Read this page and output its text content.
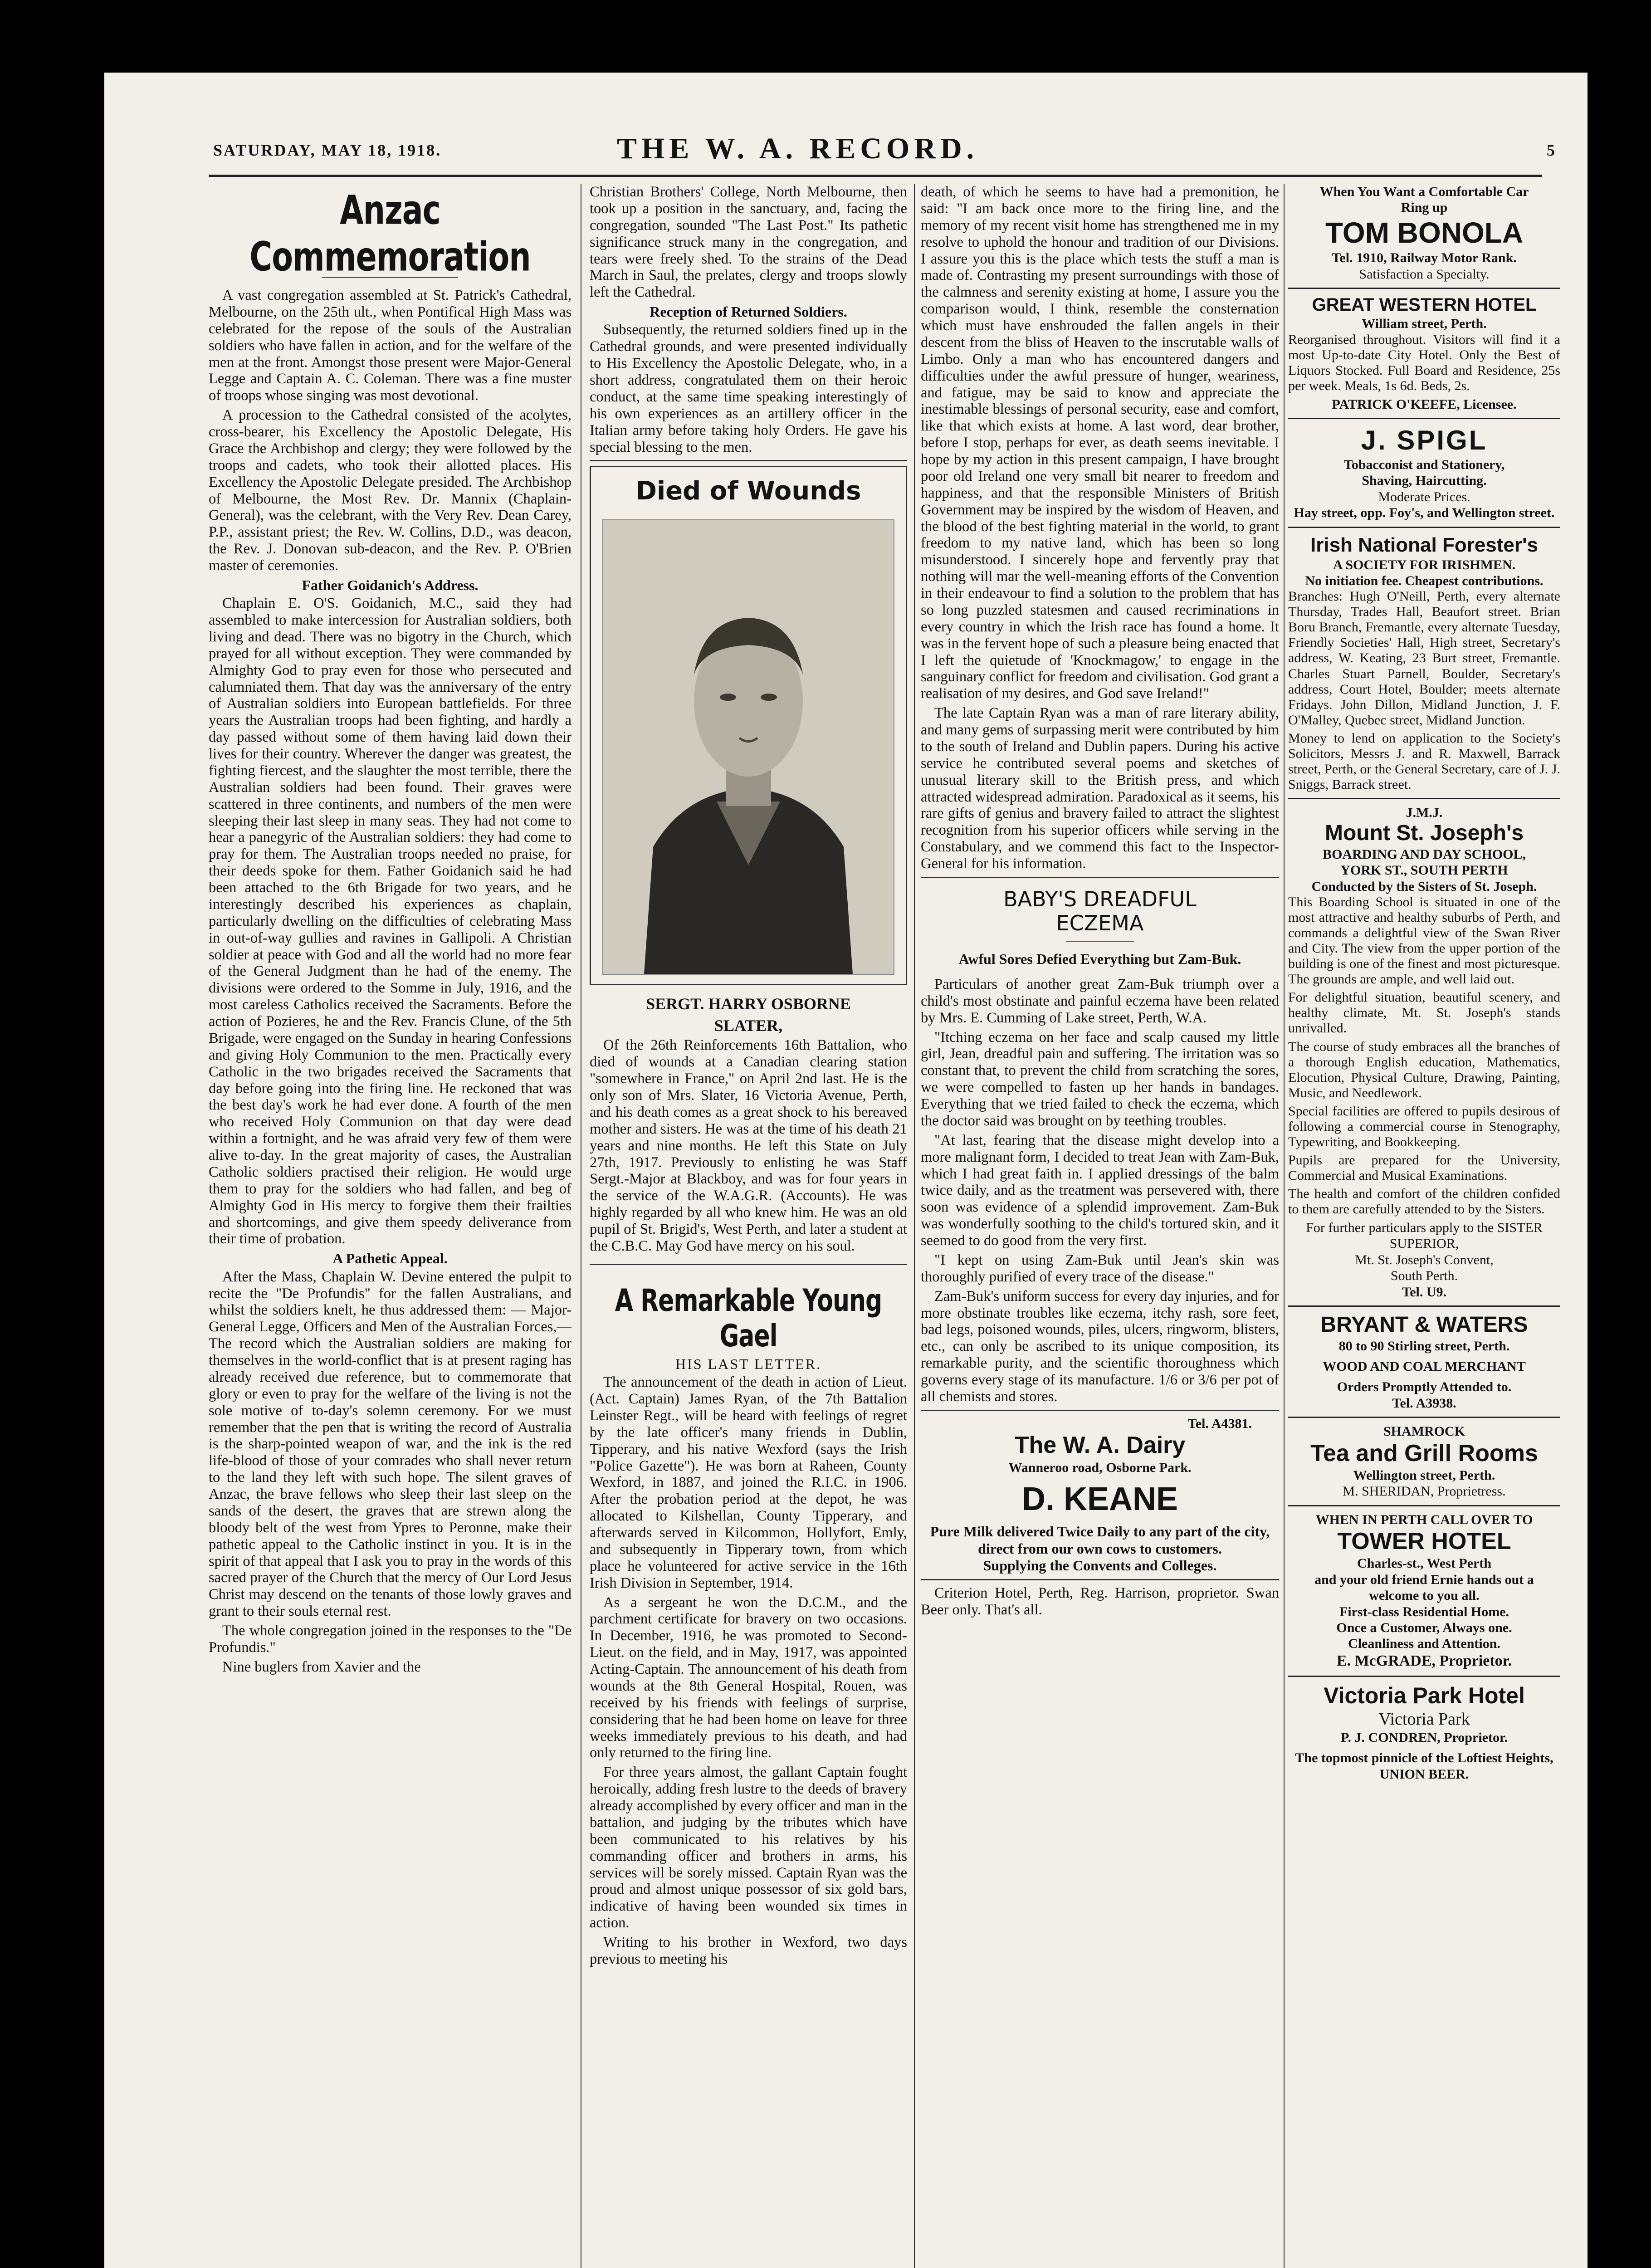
SATURDAY, MAY 18, 1918.	THE W. A. RECORD.	5
Anzac Commemoration

A vast congregation assembled at St. Patrick's Cathedral, Melbourne, on the 25th ult., when Pontifical High Mass was celebrated for the repose of the souls of the Australian soldiers who have fallen in action, and for the welfare of the men at the front. Amongst those present were Major-General Legge and Captain A. C. Coleman. There was a fine muster of troops whose singing was most devotional.

A procession to the Cathedral consisted of the acolytes, cross-bearer, his Excellency the Apostolic Delegate, His Grace the Archbishop and clergy; they were followed by the troops and cadets, who took their allotted places. His Excellency the Apostolic Delegate presided. The Archbishop of Melbourne, the Most Rev. Dr. Mannix (Chaplain-General), was the celebrant, with the Very Rev. Dean Carey, P.P., assistant priest; the Rev. W. Collins, D.D., was deacon, the Rev. J. Donovan sub-deacon, and the Rev. P. O'Brien master of ceremonies.

Father Goidanich's Address.

Chaplain E. O'S. Goidanich, M.C., said they had assembled to make intercession for Australian soldiers, both living and dead. There was no bigotry in the Church, which prayed for all without exception. They were commanded by Almighty God to pray even for those who persecuted and calumniated them. That day was the anniversary of the entry of Australian soldiers into European battlefields. For three years the Australian troops had been fighting, and hardly a day passed without some of them having laid down their lives for their country. Wherever the danger was greatest, the fighting fiercest, and the slaughter the most terrible, there the Australian soldiers had been found. Their graves were scattered in three continents, and numbers of the men were sleeping their last sleep in many seas. They had not come to hear a panegyric of the Australian soldiers: they had come to pray for them. The Australian troops needed no praise, for their deeds spoke for them. Father Goidanich said he had been attached to the 6th Brigade for two years, and he interestingly described his experiences as chaplain, particularly dwelling on the difficulties of celebrating Mass in out-of-way gullies and ravines in Gallipoli. A Christian soldier at peace with God and all the world had no more fear of the General Judgment than he had of the enemy. The divisions were ordered to the Somme in July, 1916, and the most careless Catholics received the Sacraments. Before the action of Pozieres, he and the Rev. Francis Clune, of the 5th Brigade, were engaged on the Sunday in hearing Confessions and giving Holy Communion to the men. Practically every Catholic in the two brigades received the Sacraments that day before going into the firing line. He reckoned that was the best day's work he had ever done. A fourth of the men who received Holy Communion on that day were dead within a fortnight, and he was afraid very few of them were alive to-day. In the great majority of cases, the Australian Catholic soldiers practised their religion. He would urge them to pray for the soldiers who had fallen, and beg of Almighty God in His mercy to forgive them their frailties and shortcomings, and give them speedy deliverance from their time of probation.

A Pathetic Appeal.

After the Mass, Chaplain W. Devine entered the pulpit to recite the "De Profundis" for the fallen Australians, and whilst the soldiers knelt, he thus addressed them: — Major-General Legge, Officers and Men of the Australian Forces,—The record which the Australian soldiers are making for themselves in the world-conflict that is at present raging has already received due reference, but to commemorate that glory or even to pray for the welfare of the living is not the sole motive of to-day's solemn ceremony. For we must remember that the pen that is writing the record of Australia is the sharp-pointed weapon of war, and the ink is the red life-blood of those of your comrades who shall never return to the land they left with such hope. The silent graves of Anzac, the brave fellows who sleep their last sleep on the sands of the desert, the graves that are strewn along the bloody belt of the west from Ypres to Peronne, make their pathetic appeal to the Catholic instinct in you. It is in the spirit of that appeal that I ask you to pray in the words of this sacred prayer of the Church that the mercy of Our Lord Jesus Christ may descend on the tenants of those lowly graves and grant to their souls eternal rest.

The whole congregation joined in the responses to the "De Profundis."

Nine buglers from Xavier and the

Christian Brothers' College, North Melbourne, then took up a position in the sanctuary, and, facing the congregation, sounded "The Last Post." Its pathetic significance struck many in the congregation, and tears were freely shed. To the strains of the Dead March in Saul, the prelates, clergy and troops slowly left the Cathedral.

Reception of Returned Soldiers.

Subsequently, the returned soldiers fined up in the Cathedral grounds, and were presented individually to His Excellency the Apostolic Delegate, who, in a short address, congratulated them on their heroic conduct, at the same time speaking interestingly of his own experiences as an artillery officer in the Italian army before taking holy Orders. He gave his special blessing to the men.

Died of Wounds
SERGT. HARRY OSBORNE
SLATER,

Of the 26th Reinforcements 16th Battalion, who died of wounds at a Canadian clearing station "somewhere in France," on April 2nd last. He is the only son of Mrs. Slater, 16 Victoria Avenue, Perth, and his death comes as a great shock to his bereaved mother and sisters. He was at the time of his death 21 years and nine months. He left this State on July 27th, 1917. Previously to enlisting he was Staff Sergt.-Major at Blackboy, and was for four years in the service of the W.A.G.R. (Accounts). He was highly regarded by all who knew him. He was an old pupil of St. Brigid's, West Perth, and later a student at the C.B.C. May God have mercy on his soul.

A Remarkable Young Gael

HIS LAST LETTER.

The announcement of the death in action of Lieut. (Act. Captain) James Ryan, of the 7th Battalion Leinster Regt., will be heard with feelings of regret by the late officer's many friends in Dublin, Tipperary, and his native Wexford (says the Irish "Police Gazette"). He was born at Raheen, County Wexford, in 1887, and joined the R.I.C. in 1906. After the probation period at the depot, he was allocated to Kilshellan, County Tipperary, and afterwards served in Kilcommon, Hollyfort, Emly, and subsequently in Tipperary town, from which place he volunteered for active service in the 16th Irish Division in September, 1914.

As a sergeant he won the D.C.M., and the parchment certificate for bravery on two occasions. In December, 1916, he was promoted to Second-Lieut. on the field, and in May, 1917, was appointed Acting-Captain. The announcement of his death from wounds at the 8th General Hospital, Rouen, was received by his friends with feelings of surprise, considering that he had been home on leave for three weeks immediately previous to his death, and had only returned to the firing line.

For three years almost, the gallant Captain fought heroically, adding fresh lustre to the deeds of bravery already accomplished by every officer and man in the battalion, and judging by the tributes which have been communicated to his relatives by his commanding officer and brothers in arms, his services will be sorely missed. Captain Ryan was the proud and almost unique possessor of six gold bars, indicative of having been wounded six times in action.

Writing to his brother in Wexford, two days previous to meeting his

death, of which he seems to have had a premonition, he said: "I am back once more to the firing line, and the memory of my recent visit home has strengthened me in my resolve to uphold the honour and tradition of our Divisions. I assure you this is the place which tests the stuff a man is made of. Contrasting my present surroundings with those of the calmness and serenity existing at home, I assure you the comparison would, I think, resemble the consternation which must have enshrouded the fallen angels in their descent from the bliss of Heaven to the inscrutable walls of Limbo. Only a man who has encountered dangers and difficulties under the awful pressure of hunger, weariness, and fatigue, may be said to know and appreciate the inestimable blessings of personal security, ease and comfort, like that which exists at home. A last word, dear brother, before I stop, perhaps for ever, as death seems inevitable. I hope by my action in this present campaign, I have brought poor old Ireland one very small bit nearer to freedom and happiness, and that the responsible Ministers of British Government may be inspired by the wisdom of Heaven, and the blood of the best fighting material in the world, to grant freedom to my native land, which has been so long misunderstood. I sincerely hope and fervently pray that nothing will mar the well-meaning efforts of the Convention in their endeavour to find a solution to the problem that has so long puzzled statesmen and caused recriminations in every country in which the Irish race has found a home. It was in the fervent hope of such a pleasure being enacted that I left the quietude of 'Knockmagow,' to engage in the sanguinary conflict for freedom and civilisation. God grant a realisation of my desires, and God save Ireland!"

The late Captain Ryan was a man of rare literary ability, and many gems of surpassing merit were contributed by him to the south of Ireland and Dublin papers. During his active service he contributed several poems and sketches of unusual literary skill to the British press, and which attracted widespread admiration. Paradoxical as it seems, his rare gifts of genius and bravery failed to attract the slightest recognition from his superior officers while serving in the Constabulary, and we commend this fact to the Inspector-General for his information.

BABY'S DREADFUL
ECZEMA

Awful Sores Defied Everything but Zam-Buk.

Particulars of another great Zam-Buk triumph over a child's most obstinate and painful eczema have been related by Mrs. E. Cumming of Lake street, Perth, W.A.

"Itching eczema on her face and scalp caused my little girl, Jean, dreadful pain and suffering. The irritation was so constant that, to prevent the child from scratching the sores, we were compelled to fasten up her hands in bandages. Everything that we tried failed to check the eczema, which the doctor said was brought on by teething troubles.

"At last, fearing that the disease might develop into a more malignant form, I decided to treat Jean with Zam-Buk, which I had great faith in. I applied dressings of the balm twice daily, and as the treatment was persevered with, there soon was evidence of a splendid improvement. Zam-Buk was wonderfully soothing to the child's tortured skin, and it seemed to do good from the very first.

"I kept on using Zam-Buk until Jean's skin was thoroughly purified of every trace of the disease."

Zam-Buk's uniform success for every day injuries, and for more obstinate troubles like eczema, itchy rash, sore feet, bad legs, poisoned wounds, piles, ulcers, ringworm, blisters, etc., can only be ascribed to its unique composition, its remarkable purity, and the scientific thoroughness which governs every stage of its manufacture. 1/6 or 3/6 per pot of all chemists and stores.

Tel. A4381.
The W. A. Dairy
Wanneroo road, Osborne Park.
D. KEANE
Pure Milk delivered Twice Daily to any part of the city, direct from our own cows to customers.
Supplying the Convents and Colleges.

Criterion Hotel, Perth, Reg. Harrison, proprietor. Swan Beer only. That's all.

When You Want a Comfortable Car
Ring up
TOM BONOLA
Tel. 1910, Railway Motor Rank.
Satisfaction a Specialty.
GREAT WESTERN HOTEL
William street, Perth.

Reorganised throughout. Visitors will find it a most Up-to-date City Hotel. Only the Best of Liquors Stocked. Full Board and Residence, 25s per week. Meals, 1s 6d. Beds, 2s.

PATRICK O'KEEFE, Licensee.
J. SPIGL
Tobacconist and Stationery,
Shaving, Haircutting.
Moderate Prices.
Hay street, opp. Foy's, and Wellington street.
Irish National Forester's
A SOCIETY FOR IRISHMEN.
No initiation fee. Cheapest contributions.

Branches: Hugh O'Neill, Perth, every alternate Thursday, Trades Hall, Beaufort street. Brian Boru Branch, Fremantle, every alternate Tuesday, Friendly Societies' Hall, High street, Secretary's address, W. Keating, 23 Burt street, Fremantle. Charles Stuart Parnell, Boulder, Secretary's address, Court Hotel, Boulder; meets alternate Fridays. John Dillon, Midland Junction, J. F. O'Malley, Quebec street, Midland Junction.

Money to lend on application to the Society's Solicitors, Messrs J. and R. Maxwell, Barrack street, Perth, or the General Secretary, care of J. J. Sniggs, Barrack street.

J.M.J.
Mount St. Joseph's
BOARDING AND DAY SCHOOL,
YORK ST., SOUTH PERTH
Conducted by the Sisters of St. Joseph.

This Boarding School is situated in one of the most attractive and healthy suburbs of Perth, and commands a delightful view of the Swan River and City. The view from the upper portion of the building is one of the finest and most picturesque. The grounds are ample, and well laid out.

For delightful situation, beautiful scenery, and healthy climate, Mt. St. Joseph's stands unrivalled.

The course of study embraces all the branches of a thorough English education, Mathematics, Elocution, Physical Culture, Drawing, Painting, Music, and Needlework.

Special facilities are offered to pupils desirous of following a commercial course in Stenography, Typewriting, and Bookkeeping.

Pupils are prepared for the University, Commercial and Musical Examinations.

The health and comfort of the children confided to them are carefully attended to by the Sisters.

For further particulars apply to the SISTER SUPERIOR,
Mt. St. Joseph's Convent,
South Perth.
Tel. U9.
BRYANT & WATERS
80 to 90 Stirling street, Perth.
WOOD AND COAL MERCHANT
Orders Promptly Attended to.
Tel. A3938.
SHAMROCK
Tea and Grill Rooms
Wellington street, Perth.
M. SHERIDAN, Proprietress.
WHEN IN PERTH CALL OVER TO
TOWER HOTEL
Charles-st., West Perth
and your old friend Ernie hands out a welcome to you all.
First-class Residential Home.
Once a Customer, Always one.
Cleanliness and Attention.
E. McGRADE, Proprietor.
Victoria Park Hotel
Victoria Park
P. J. CONDREN, Proprietor.
The topmost pinnicle of the Loftiest Heights,
UNION BEER.
